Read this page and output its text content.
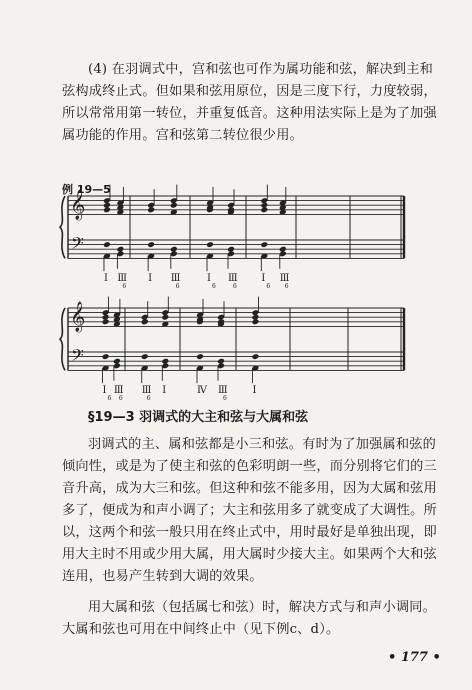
(4) 在羽调式中，宫和弦也可作为属功能和弦，解决到主和
弦构成终止式。但如果和弦用原位，因是三度下行，力度较弱，
所以常常用第一转位，并重复低音。这种用法实际上是为了加强
属功能的作用。宫和弦第二转位很少用。

例 19—5
𝄞
𝄢
I Ⅲ
6
I Ⅲ
6
I
6
Ⅲ
6
I
6
Ⅲ
6
𝄞
𝄢
I
6
Ⅲ
6
Ⅲ
6
I	Ⅳ Ⅲ
6
I
§19—3 羽调式的大主和弦与大属和弦

羽调式的主、属和弦都是小三和弦。有时为了加强属和弦的
倾向性，或是为了使主和弦的色彩明朗一些，而分别将它们的三
音升高，成为大三和弦。但这种和弦不能多用，因为大属和弦用
多了，便成为和声小调了；大主和弦用多了就变成了大调性。所
以，这两个和弦一般只用在终止式中，用时最好是单独出现，即
用大主时不用或少用大属，用大属时少接大主。如果两个大和弦
连用，也易产生转到大调的效果。

用大属和弦（包括属七和弦）时，解决方式与和声小调同。
大属和弦也可用在中间终止中（见下例c、d）。

• 177 •
